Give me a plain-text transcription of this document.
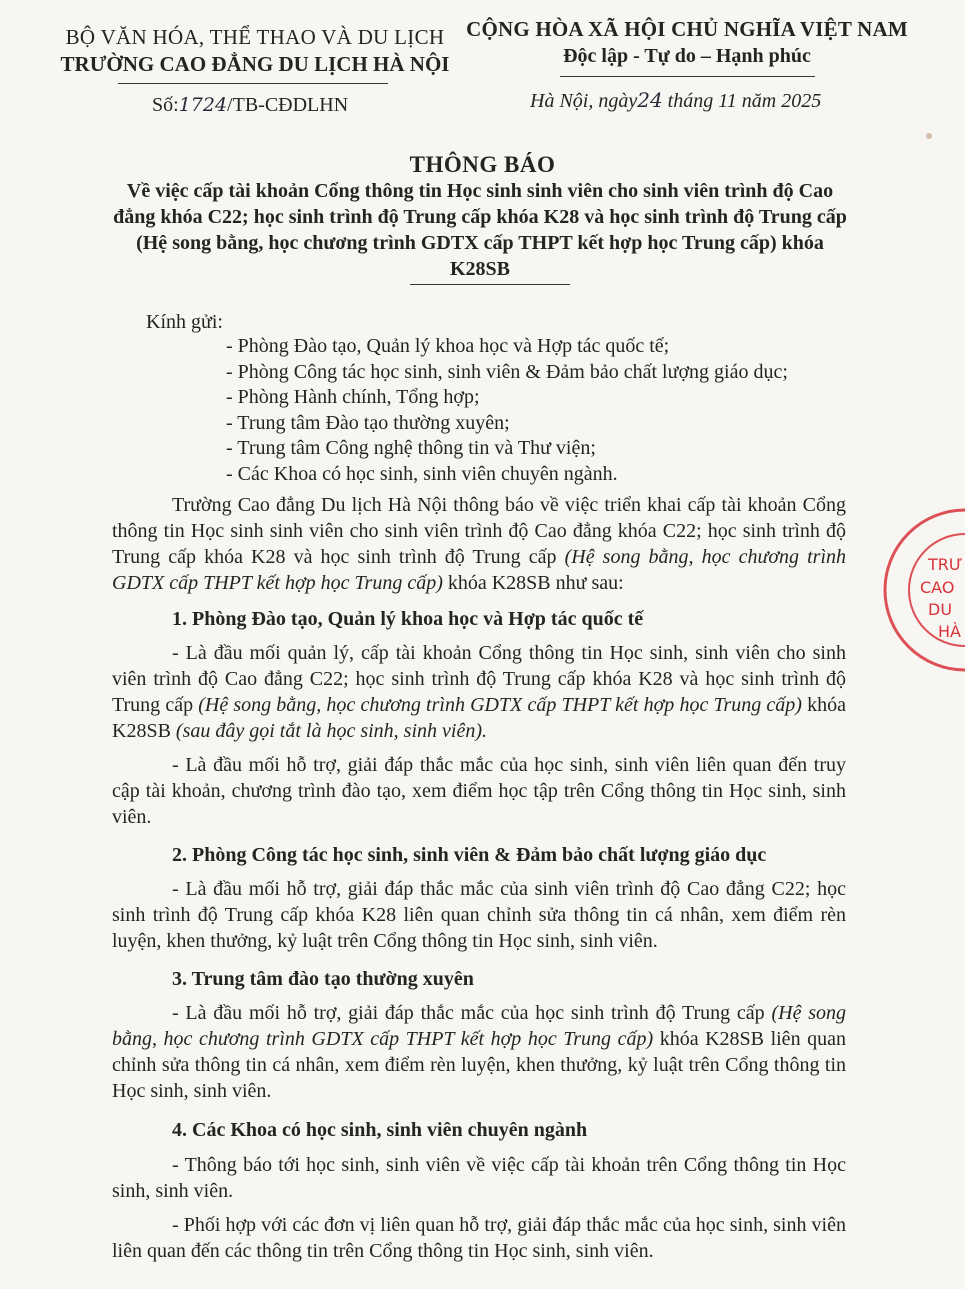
BỘ VĂN HÓA, THỂ THAO VÀ DU LỊCH
TRƯỜNG CAO ĐẲNG DU LỊCH HÀ NỘI
CỘNG HÒA XÃ HỘI CHỦ NGHĨA VIỆT NAM
Độc lập - Tự do – Hạnh phúc
Số:1724/TB-CĐDLHN	Hà Nội, ngày24 tháng 11 năm 2025
THÔNG BÁO
Về việc cấp tài khoản Cổng thông tin Học sinh sinh viên cho sinh viên trình độ Cao đẳng khóa C22; học sinh trình độ Trung cấp khóa K28 và học sinh trình độ Trung cấp (Hệ song bằng, học chương trình GDTX cấp THPT kết hợp học Trung cấp) khóa K28SB
Kính gửi:
- Phòng Đào tạo, Quản lý khoa học và Hợp tác quốc tế;
- Phòng Công tác học sinh, sinh viên & Đảm bảo chất lượng giáo dục;
- Phòng Hành chính, Tổng hợp;
- Trung tâm Đào tạo thường xuyên;
- Trung tâm Công nghệ thông tin và Thư viện;
- Các Khoa có học sinh, sinh viên chuyên ngành.

Trường Cao đẳng Du lịch Hà Nội thông báo về việc triển khai cấp tài khoản Cổng thông tin Học sinh sinh viên cho sinh viên trình độ Cao đẳng khóa C22; học sinh trình độ Trung cấp khóa K28 và học sinh trình độ Trung cấp (Hệ song bằng, học chương trình GDTX cấp THPT kết hợp học Trung cấp) khóa K28SB như sau:

1. Phòng Đào tạo, Quản lý khoa học và Hợp tác quốc tế

- Là đầu mối quản lý, cấp tài khoản Cổng thông tin Học sinh, sinh viên cho sinh viên trình độ Cao đẳng C22; học sinh trình độ Trung cấp khóa K28 và học sinh trình độ Trung cấp (Hệ song bằng, học chương trình GDTX cấp THPT kết hợp học Trung cấp) khóa K28SB (sau đây gọi tắt là học sinh, sinh viên).

- Là đầu mối hỗ trợ, giải đáp thắc mắc của học sinh, sinh viên liên quan đến truy cập tài khoản, chương trình đào tạo, xem điểm học tập trên Cổng thông tin Học sinh, sinh viên.

2. Phòng Công tác học sinh, sinh viên & Đảm bảo chất lượng giáo dục

- Là đầu mối hỗ trợ, giải đáp thắc mắc của sinh viên trình độ Cao đẳng C22; học sinh trình độ Trung cấp khóa K28 liên quan chỉnh sửa thông tin cá nhân, xem điểm rèn luyện, khen thưởng, kỷ luật trên Cổng thông tin Học sinh, sinh viên.

3. Trung tâm đào tạo thường xuyên

- Là đầu mối hỗ trợ, giải đáp thắc mắc của học sinh trình độ Trung cấp (Hệ song bằng, học chương trình GDTX cấp THPT kết hợp học Trung cấp) khóa K28SB liên quan chỉnh sửa thông tin cá nhân, xem điểm rèn luyện, khen thưởng, kỷ luật trên Cổng thông tin Học sinh, sinh viên.

4. Các Khoa có học sinh, sinh viên chuyên ngành

- Thông báo tới học sinh, sinh viên về việc cấp tài khoản trên Cổng thông tin Học sinh, sinh viên.

- Phối hợp với các đơn vị liên quan hỗ trợ, giải đáp thắc mắc của học sinh, sinh viên liên quan đến các thông tin trên Cổng thông tin Học sinh, sinh viên.

TRƯ
CAO
DU
HÀ
